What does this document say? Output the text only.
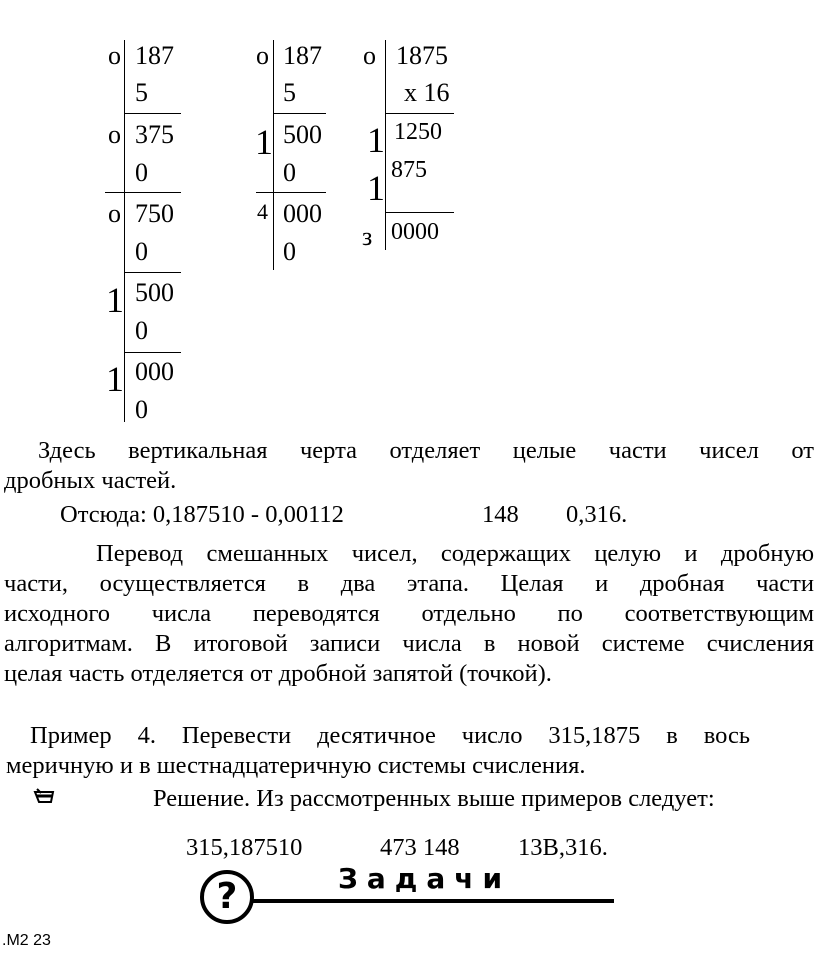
о 187
5
о 375
0
о 750
0
1 500
0
1 000
0
о 187
5
1 500
0
4 000
0
о 1875
x 16
1 1250
1 875
з 0000
Здесь вертикальная черта отделяет целые части чисел от
дробных частей.
Отсюда: 0,187510 - 0,00112	148 0,316.
Перевод смешанных чисел, содержащих целую и дробную
части, осуществляется в два этапа. Целая и дробная части
исходного числа переводятся отдельно по соответствующим
алгоритмам. В итоговой записи числа в новой системе счисления
целая часть отделяется от дробной запятой (точкой).
Пример 4. Перевести десятичное число 315,1875 в вось
меричную и в шестнадцатеричную системы счисления.
Решение. Из рассмотренных выше примеров следует:
315,187510	473 148 13В,316.
?	Задачи
.М2 23
